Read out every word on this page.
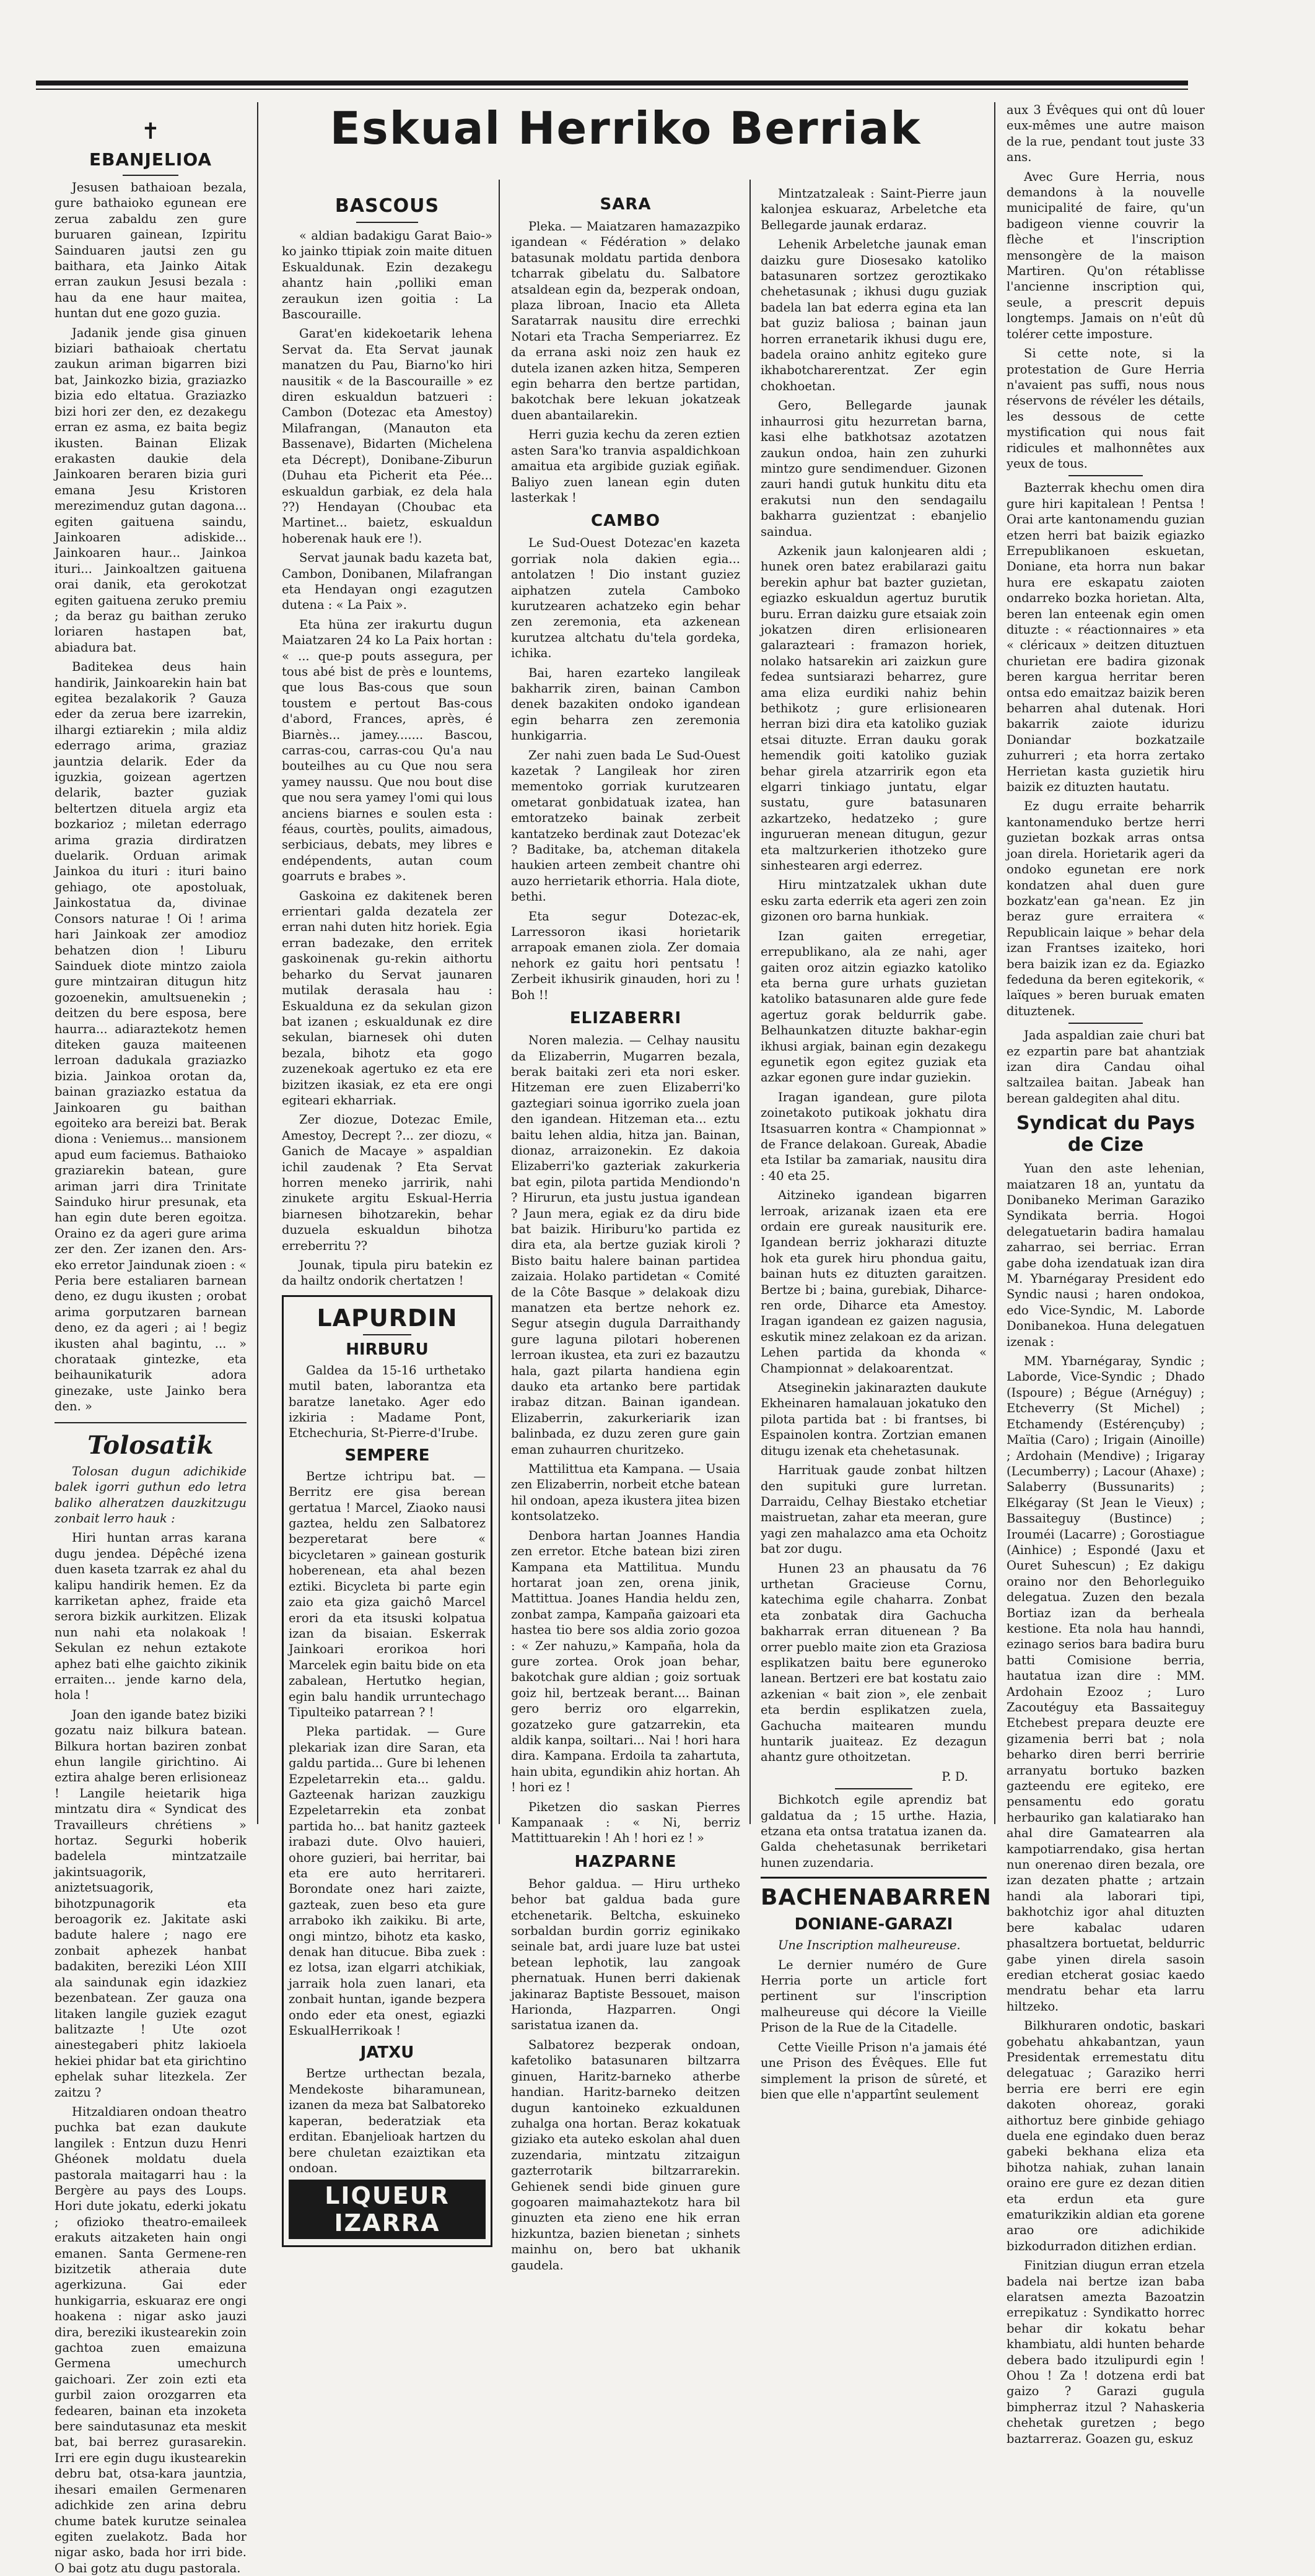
Eskual Herriko Berriak

✝

EBANJELIOA

Jesusen bathaioan bezala, gure bathaioko egunean ere zerua zabaldu zen gure buruaren gainean, Izpiritu Sainduaren jautsi zen gu baithara, eta Jainko Aitak erran zaukun Jesusi bezala : hau da ene haur maitea, huntan dut ene gozo guzia.

Jadanik jende gisa ginuen biziari bathaioak chertatu zaukun ariman bigarren bizi bat, Jainkozko bizia, graziazko bizia edo eltatua. Graziazko bizi hori zer den, ez dezakegu erran ez asma, ez baita begiz ikusten. Bainan Elizak erakasten daukie dela Jainkoaren beraren bizia guri emana Jesu Kristoren merezimenduz gutan dagona... egiten gaituena saindu, Jainkoaren adiskide... Jainkoaren haur... Jainkoa ituri... Jainkoaltzen gaituena orai danik, eta gerokotzat egiten gaituena zeruko premiu ; da beraz gu baithan zeruko loriaren hastapen bat, abiadura bat.

Baditekea deus hain handirik, Jainkoarekin hain bat egitea bezalakorik ? Gauza eder da zerua bere izarrekin, ilhargi eztiarekin ; mila aldiz ederrago arima, graziaz jauntzia delarik. Eder da iguzkia, goizean agertzen delarik, bazter guziak beltertzen dituela argiz eta bozkarioz ; miletan ederrago arima grazia dirdiratzen duelarik. Orduan arimak Jainkoa du ituri : ituri baino gehiago, ote apostoluak, Jainkostatua da, divinae Consors naturae ! Oi ! arima hari Jainkoak zer amodioz behatzen dion ! Liburu Sainduek diote mintzo zaiola gure mintzairan ditugun hitz gozoenekin, amultsuenekin ; deitzen du bere esposa, bere haurra... adiaraztekotz hemen diteken gauza maiteenen lerroan dadukala graziazko bizia. Jainkoa orotan da, bainan graziazko estatua da Jainkoaren gu baithan egoiteko ara bereizi bat. Berak diona : Veniemus... mansionem apud eum faciemus. Bathaioko graziarekin batean, gure ariman jarri dira Trinitate Sainduko hirur presunak, eta han egin dute beren egoitza. Oraino ez da ageri gure arima zer den. Zer izanen den. Ars-eko erretor Jaindunak zioen : « Peria bere estaliaren barnean deno, ez dugu ikusten ; orobat arima gorputzaren barnean deno, ez da ageri ; ai ! begiz ikusten ahal bagintu, ... » chorataak gintezke, eta beihaunikaturik adora ginezake, uste Jainko bera den. »

Tolosatik

Tolosan dugun adichikide balek igorri guthun edo letra baliko alheratzen dauzkitzugu zonbait lerro hauk :

Hiri huntan arras karana dugu jendea. Dépêché izena duen kaseta tzarrak ez ahal du kalipu handirik hemen. Ez da karriketan aphez, fraide eta serora bizkik aurkitzen. Elizak nun nahi eta nolakoak ! Sekulan ez nehun eztakote aphez bati elhe gaichto zikinik erraiten... jende karno dela, hola !

Joan den igande batez biziki gozatu naiz bilkura batean. Bilkura hortan baziren zonbat ehun langile girichtino. Ai eztira ahalge beren erlisioneaz ! Langile heietarik higa mintzatu dira « Syndicat des Travailleurs chrétiens » hortaz. Segurki hoberik badelela mintzatzaile jakintsuagorik, aniztetsuagorik, bihotzpunagorik eta beroagorik ez. Jakitate aski badute halere ; nago ere zonbait aphezek hanbat badakiten, bereziki Léon XIII ala saindunak egin idazkiez bezenbatean. Zer gauza ona litaken langile guziek ezagut balitzazte ! Ute ozot ainestegaberi phitz lakioela hekiei phidar bat eta girichtino ephelak suhar litezkela. Zer zaitzu ?

Hitzaldiaren ondoan theatro puchka bat ezan daukute langilek : Entzun duzu Henri Ghéonek moldatu duela pastorala maitagarri hau : la Bergère au pays des Loups. Hori dute jokatu, ederki jokatu ; ofizioko theatro-emaileek erakuts aitzaketen hain ongi emanen. Santa Germene-ren bizitzetik atheraia dute agerkizuna. Gai eder hunkigarria, eskuaraz ere ongi hoakena : nigar asko jauzi dira, bereziki ikustearekin zoin gachtoa zuen emaizuna Germena umechurch gaichoari. Zer zoin ezti eta gurbil zaion orozgarren eta fedearen, bainan eta inzoketa bere saindutasunaz eta meskit bat, bai berrez gurasarekin. Irri ere egin dugu ikustearekin debru bat, otsa-kara jauntzia, ihesari emailen Germenaren adichkide zen arina debru chume batek kurutze seinalea egiten zuelakotz. Bada hor nigar asko, bada hor irri bide. O bai gotz atu dugu pastorala.

BASCOUS

« aldian badakigu Garat Baio-» ko jainko ttipiak zoin maite dituen Eskualdunak. Ezin dezakegu ahantz hain ,polliki eman zeraukun izen goitia : La Bascouraille.

Garat'en kidekoetarik lehena Servat da. Eta Servat jaunak manatzen du Pau, Biarno'ko hiri nausitik « de la Bascouraille » ez diren eskualdun batzueri : Cambon (Dotezac eta Amestoy) Milafrangan, (Manauton eta Bassenave), Bidarten (Michelena eta Décrept), Donibane-Ziburun (Duhau eta Picherit eta Pée... eskualdun garbiak, ez dela hala ??) Hendayan (Choubac eta Martinet... baietz, eskualdun hoberenak hauk ere !).

Servat jaunak badu kazeta bat, Cambon, Donibanen, Milafrangan eta Hendayan ongi ezagutzen dutena : « La Paix ».

Eta hüna zer irakurtu dugun Maiatzaren 24 ko La Paix hortan : « ... que-p pouts assegura, per tous abé bist de près e lountems, que lous Bas-cous que soun toustem e pertout Bas-cous d'abord, Frances, après, é Biarnès... jamey....... Bascou, carras-cou, carras-cou Qu'a nau bouteilhes au cu Que nou sera yamey naussu. Que nou bout dise que nou sera yamey l'omi qui lous anciens biarnes e soulen esta : féaus, courtès, poulits, aimadous, serbiciaus, debats, mey libres e endépendents, autan coum goarruts e brabes ».

Gaskoina ez dakitenek beren errientari galda dezatela zer erran nahi duten hitz horiek. Egia erran badezake, den erritek gaskoinenak gu-rekin aithortu beharko du Servat jaunaren mutilak derasala hau : Eskualduna ez da sekulan gizon bat izanen ; eskualdunak ez dire sekulan, biarnesek ohi duten bezala, bihotz eta gogo zuzenekoak agertuko ez eta ere bizitzen ikasiak, ez eta ere ongi egiteari ekharriak.

Zer diozue, Dotezac Emile, Amestoy, Decrept ?... zer diozu, « Ganich de Macaye » aspaldian ichil zaudenak ? Eta Servat horren meneko jarririk, nahi zinukete argitu Eskual-Herria biarnesen bihotzarekin, behar duzuela eskualdun bihotza erreberritu ??

Jounak, tipula piru batekin ez da hailtz ondorik chertatzen !

LAPURDIN
HIRBURU

Galdea da 15-16 urthetako mutil baten, laborantza eta baratze lanetako. Ager edo izkiria : Madame Pont, Etchechuria, St-Pierre-d'Irube.

SEMPERE

Bertze ichtripu bat. — Berritz ere gisa berean gertatua ! Marcel, Ziaoko nausi gaztea, heldu zen Salbatorez bezperetarat bere « bicycletaren » gainean gosturik hoberenean, eta ahal bezen eztiki. Bicycleta bi parte egin zaio eta giza gaichô Marcel erori da eta itsuski kolpatua izan da bisaian. Eskerrak Jainkoari erorikoa hori Marcelek egin baitu bide on eta zabalean, Hertutko hegian, egin balu handik urruntechago Tipulteiko patarrean ? !

Pleka partidak. — Gure plekariak izan dire Saran, eta galdu partida... Gure bi lehenen Ezpeletarrekin eta... galdu. Gazteenak harizan zauzkigu Ezpeletarrekin eta zonbat partida ho... bat hanitz gazteek irabazi dute. Olvo hauieri, ohore guzieri, bai herritar, bai eta ere auto herritareri. Borondate onez hari zaizte, gazteak, zuen beso eta gure arraboko ikh zaikiku. Bi arte, ongi mintzo, bihotz eta kasko, denak han ditucue. Biba zuek : ez lotsa, izan elgarri atchikiak, jarraik hola zuen lanari, eta zonbait huntan, igande bezpera ondo eder eta onest, egiazki EskualHerrikoak !

JATXU

Bertze urthectan bezala, Mendekoste biharamunean, izanen da meza bat Salbatoreko kaperan, bederatziak eta erditan. Ebanjelioak hartzen du bere chuletan ezaiztikan eta ondoan.

LIQUEUR IZARRA
SARA

Pleka. — Maiatzaren hamazazpiko igandean « Fédération » delako batasunak moldatu partida denbora tcharrak gibelatu du. Salbatore atsaldean egin da, bezperak ondoan, plaza libroan, Inacio eta Alleta Saratarrak nausitu dire errechki Notari eta Tracha Semperiarrez. Ez da errana aski noiz zen hauk ez dutela izanen azken hitza, Semperen egin beharra den bertze partidan, bakotchak bere lekuan jokatzeak duen abantailarekin.

Herri guzia kechu da zeren eztien asten Sara'ko tranvia aspaldichkoan amaitua eta argibide guziak egiñak. Baliyo zuen lanean egin duten lasterkak !

CAMBO

Le Sud-Ouest Dotezac'en kazeta gorriak nola dakien egia... antolatzen ! Dio instant guziez aiphatzen zutela Camboko kurutzearen achatzeko egin behar zen zeremonia, eta azkenean kurutzea altchatu du'tela gordeka, ichika.

Bai, haren ezarteko langileak bakharrik ziren, bainan Cambon denek bazakiten ondoko igandean egin beharra zen zeremonia hunkigarria.

Zer nahi zuen bada Le Sud-Ouest kazetak ? Langileak hor ziren mementoko gorriak kurutzearen ometarat gonbidatuak izatea, han emtoratzeko bainak zerbeit kantatzeko berdinak zaut Dotezac'ek ? Baditake, ba, atcheman ditakela haukien arteen zembeit chantre ohi auzo herrietarik ethorria. Hala diote, bethi.

Eta segur Dotezac-ek, Larressoron ikasi horietarik arrapoak emanen ziola. Zer domaia nehork ez gaitu hori pentsatu ! Zerbeit ikhusirik ginauden, hori zu ! Boh !!

ELIZABERRI

Noren malezia. — Celhay nausitu da Elizaberrin, Mugarren bezala, berak baitaki zeri eta nori esker. Hitzeman ere zuen Elizaberri'ko gaztegiari soinua igorriko zuela joan den igandean. Hitzeman eta... eztu baitu lehen aldia, hitza jan. Bainan, dionaz, arraizonekin. Ez dakoia Elizaberri'ko gazteriak zakurkeria bat egin, pilota partida Mendiondo'n ? Hirurun, eta justu justua igandean ? Jaun mera, egiak ez da diru bide bat baizik. Hiriburu'ko partida ez dira eta, ala bertze guziak kiroli ? Bisto baitu halere bainan partidea zaizaia. Holako partidetan « Comité de la Côte Basque » delakoak dizu manatzen eta bertze nehork ez. Segur atsegin dugula Darraithandy gure laguna pilotari hoberenen lerroan ikustea, eta zuri ez bazautzu hala, gazt pilarta handiena egin dauko eta artanko bere partidak irabaz ditzan. Bainan igandean. Elizaberrin, zakurkeriarik izan balinbada, ez duzu zeren gure gain eman zuhaurren churitzeko.

Mattilittua eta Kampana. — Usaia zen Elizaberrin, norbeit etche batean hil ondoan, apeza ikustera jitea bizen kontsolatzeko.

Denbora hartan Joannes Handia zen erretor. Etche batean bizi ziren Kampana eta Mattilitua. Mundu hortarat joan zen, orena jinik, Mattittua. Joanes Handia heldu zen, zonbat zampa, Kampaña gaizoari eta hastea tio bere sos aldia zorio gozoa : « Zer nahuzu,» Kampaña, hola da gure zortea. Orok joan behar, bakotchak gure aldian ; goiz sortuak goiz hil, bertzeak berant.... Bainan gero berriz oro elgarrekin, gozatzeko gure gatzarrekin, eta aldik kanpa, soiltari... Nai ! hori hara dira. Kampana. Erdoila ta zahartuta, hain ubita, egundikin ahiz hortan. Ah ! hori ez !

Piketzen dio saskan Pierres Kampanaak : « Ni, berriz Mattittuarekin ! Ah ! hori ez ! »

HAZPARNE

Behor galdua. — Hiru urtheko behor bat galdua bada gure etchenetarik. Beltcha, eskuineko sorbaldan burdin gorriz eginikako seinale bat, ardi juare luze bat ustei betean lephotik, lau zangoak phernatuak. Hunen berri dakienak jakinaraz Baptiste Bessouet, maison Harionda, Hazparren. Ongi saristatua izanen da.

Salbatorez bezperak ondoan, kafetoliko batasunaren biltzarra ginuen, Haritz-barneko atherbe handian. Haritz-barneko deitzen dugun kantoineko ezkualdunen zuhalga ona hortan. Beraz kokatuak giziako eta auteko eskolan ahal duen zuzendaria, mintzatu zitzaigun gazterrotarik biltzarrarekin. Gehienek sendi bide ginuen gure gogoaren maimahaztekotz hara bil ginuzten eta zieno ene hik erran hizkuntza, bazien bienetan ; sinhets mainhu on, bero bat ukhanik gaudela.

Mintzatzaleak : Saint-Pierre jaun kalonjea eskuaraz, Arbeletche eta Bellegarde jaunak erdaraz.

Lehenik Arbeletche jaunak eman daizku gure Diosesako katoliko batasunaren sortzez geroztikako chehetasunak ; ikhusi dugu guziak badela lan bat ederra egina eta lan bat guziz baliosa ; bainan jaun horren erranetarik ikhusi dugu ere, badela oraino anhitz egiteko gure ikhabotcharerentzat. Zer egin chokhoetan.

Gero, Bellegarde jaunak inhaurrosi gitu hezurretan barna, kasi elhe batkhotsaz azotatzen zaukun ondoa, hain zen zuhurki mintzo gure sendimenduer. Gizonen zauri handi gutuk hunkitu ditu eta erakutsi nun den sendagailu bakharra guzientzat : ebanjelio saindua.

Azkenik jaun kalonjearen aldi ; hunek oren batez erabilarazi gaitu berekin aphur bat bazter guzietan, egiazko eskualdun agertuz burutik buru. Erran daizku gure etsaiak zoin jokatzen diren erlisionearen galarazteari : framazon horiek, nolako hatsarekin ari zaizkun gure fedea suntsiarazi beharrez, gure ama eliza eurdiki nahiz behin bethikotz ; gure erlisionearen herran bizi dira eta katoliko guziak etsai dituzte. Erran dauku gorak hemendik goiti katoliko guziak behar girela atzarririk egon eta elgarri tinkiago juntatu, elgar sustatu, gure batasunaren azkartzeko, hedatzeko ; gure ingurueran menean ditugun, gezur eta maltzurkerien ithotzeko gure sinhestearen argi ederrez.

Hiru mintzatzalek ukhan dute esku zarta ederrik eta ageri zen zoin gizonen oro barna hunkiak.

Izan gaiten erregetiar, errepublikano, ala ze nahi, ager gaiten oroz aitzin egiazko katoliko eta berna gure urhats guzietan katoliko batasunaren alde gure fede agertuz gorak beldurrik gabe. Belhaunkatzen dituzte bakhar-egin ikhusi argiak, bainan egin dezakegu egunetik egon egitez guziak eta azkar egonen gure indar guziekin.

Iragan igandean, gure pilota zoinetakoto putikoak jokhatu dira Itsasuarren kontra « Championnat » de France delakoan. Gureak, Abadie eta Istilar ba zamariak, nausitu dira : 40 eta 25.

Aitzineko igandean bigarren lerroak, arizanak izaen eta ere ordain ere gureak nausiturik ere. Igandean berriz jokharazi dituzte hok eta gurek hiru phondua gaitu, bainan huts ez dituzten garaitzen. Bertze bi ; baina, gurebiak, Diharce-ren orde, Diharce eta Amestoy. Iragan igandean ez gaizen nagusia, eskutik minez zelakoan ez da arizan. Lehen partida da khonda « Championnat » delakoarentzat.

Atseginekin jakinarazten daukute Ekheinaren hamalauan jokatuko den pilota partida bat : bi frantses, bi Espainolen kontra. Zortzian emanen ditugu izenak eta chehetasunak.

Harrituak gaude zonbat hiltzen den supituki gure lurretan. Darraidu, Celhay Biestako etchetiar maistruetan, zahar eta meeran, gure yagi zen mahalazco ama eta Ochoitz bat zor dugu.

Hunen 23 an phausatu da 76 urthetan Gracieuse Cornu, katechima egile chaharra. Zonbat eta zonbatak dira Gachucha bakharrak erran dituenean ? Ba orrer pueblo maite zion eta Graziosa esplikatzen baitu bere eguneroko lanean. Bertzeri ere bat kostatu zaio azkenian « bait zion », ele zenbait eta berdin esplikatzen zuela, Gachucha maitearen mundu huntarik juaiteaz. Ez dezagun ahantz gure othoitzetan.

P. D.

Bichkotch egile aprendiz bat galdatua da ; 15 urthe. Hazia, etzana eta ontsa tratatua izanen da. Galda chehetasunak berriketari hunen zuzendaria.

BACHENABARREN
DONIANE-GARAZI

Une Inscription malheureuse.

Le dernier numéro de Gure Herria porte un article fort pertinent sur l'inscription malheureuse qui décore la Vieille Prison de la Rue de la Citadelle.

Cette Vieille Prison n'a jamais été une Prison des Évêques. Elle fut simplement la prison de sûreté, et bien que elle n'appartînt seulement

aux 3 Évêques qui ont dû louer eux-mêmes une autre maison de la rue, pendant tout juste 33 ans.

Avec Gure Herria, nous demandons à la nouvelle municipalité de faire, qu'un badigeon vienne couvrir la flèche et l'inscription mensongère de la maison Martiren. Qu'on rétablisse l'ancienne inscription qui, seule, a prescrit depuis longtemps. Jamais on n'eût dû tolérer cette imposture.

Si cette note, si la protestation de Gure Herria n'avaient pas suffi, nous nous réservons de révéler les détails, les dessous de cette mystification qui nous fait ridicules et malhonnêtes aux yeux de tous.

Bazterrak khechu omen dira gure hiri kapitalean ! Pentsa ! Orai arte kantonamendu guzian etzen herri bat baizik egiazko Errepublikanoen eskuetan, Doniane, eta horra nun bakar hura ere eskapatu zaioten ondarreko bozka horietan. Alta, beren lan enteenak egin omen dituzte : « réactionnaires » eta « cléricaux » deitzen dituztuen churietan ere badira gizonak beren kargua herritar beren ontsa edo emaitzaz baizik beren beharren ahal dutenak. Hori bakarrik zaiote idurizu Doniandar bozkatzaile zuhurreri ; eta horra zertako Herrietan kasta guzietik hiru baizik ez dituzten hautatu.

Ez dugu erraite beharrik kantonamenduko bertze herri guzietan bozkak arras ontsa joan direla. Horietarik ageri da ondoko egunetan ere nork kondatzen ahal duen gure bozkatz'ean ga'nean. Ez jin beraz gure erraitera « Republicain laique » behar dela izan Frantses izaiteko, hori bera baizik izan ez da. Egiazko fededuna da beren egitekorik, « laïques » beren buruak ematen dituztenek.

Jada aspaldian zaie churi bat ez ezpartin pare bat ahantziak izan dira Candau oihal saltzailea baitan. Jabeak han berean galdegiten ahal ditu.

Syndicat du Pays de Cize

Yuan den aste lehenian, maiatzaren 18 an, yuntatu da Donibaneko Meriman Garaziko Syndikata berria. Hogoi delegatuetarin badira hamalau zaharrao, sei berriac. Erran gabe doha izendatuak izan dira M. Ybarnégaray President edo Syndic nausi ; haren ondokoa, edo Vice-Syndic, M. Laborde Donibanekoa. Huna delegatuen izenak :

MM. Ybarnégaray, Syndic ; Laborde, Vice-Syndic ; Dhado (Ispoure) ; Bégue (Arnéguy) ; Etcheverry (St Michel) ; Etchamendy (Estérençuby) ; Maïtia (Caro) ; Irigain (Ainoille) ; Ardohain (Mendive) ; Irigaray (Lecumberry) ; Lacour (Ahaxe) ; Salaberry (Bussunarits) ; Elkégaray (St Jean le Vieux) ; Bassaiteguy (Bustince) ; Irouméi (Lacarre) ; Gorostiague (Ainhice) ; Espondé (Jaxu et Ouret Suhescun) ; Ez dakigu oraino nor den Behorleguiko delegatua. Zuzen den bezala Bortiaz izan da berheala kestione. Eta nola hau hanndi, ezinago serios bara badira buru batti Comisione berria, hautatua izan dire : MM. Ardohain Ezooz ; Luro Zacoutéguy eta Bassaiteguy Etchebest prepara deuzte ere gizamenia berri bat ; nola beharko diren berri berririe arranyatu bortuko bazken gazteendu ere egiteko, ere pensamentu edo goratu herbauriko gan kalatiarako han ahal dire Gamatearren ala kampotiarrendako, gisa hertan nun onerenao diren bezala, ore izan dezaten phatte ; artzain handi ala laborari tipi, bakhotchiz igor ahal dituzten bere kabalac udaren phasaltzera bortuetat, beldurric gabe yinen direla sasoin eredian etcherat gosiac kaedo mendratu behar eta larru hiltzeko.

Bilkhuraren ondotic, baskari gobehatu ahkabantzan, yaun Presidentak erremestatu ditu delegatuac ; Garaziko herri berria ere berri ere egin dakoten ohoreaz, goraki aithortuz bere ginbide gehiago duela ene egindako duen beraz gabeki bekhana eliza eta bihotza nahiak, zuhan lanain oraino ere gure ez dezan ditien eta erdun eta gure ematurikzikin aldian eta gorene arao ore adichikide bizkodurradon ditizhen erdian.

Finitzian diugun erran etzela badela nai bertze izan baba elaratsen amezta Bazoatzin errepikatuz : Syndikatto horrec behar dir kokatu behar khambiatu, aldi hunten beharde debera bado itzulipurdi egin ! Ohou ! Za ! dotzena erdi bat gaizo ? Garazi gugula bimpherraz itzul ? Nahaskeria chehetak guretzen ; bego baztarreraz. Goazen gu, eskuz
